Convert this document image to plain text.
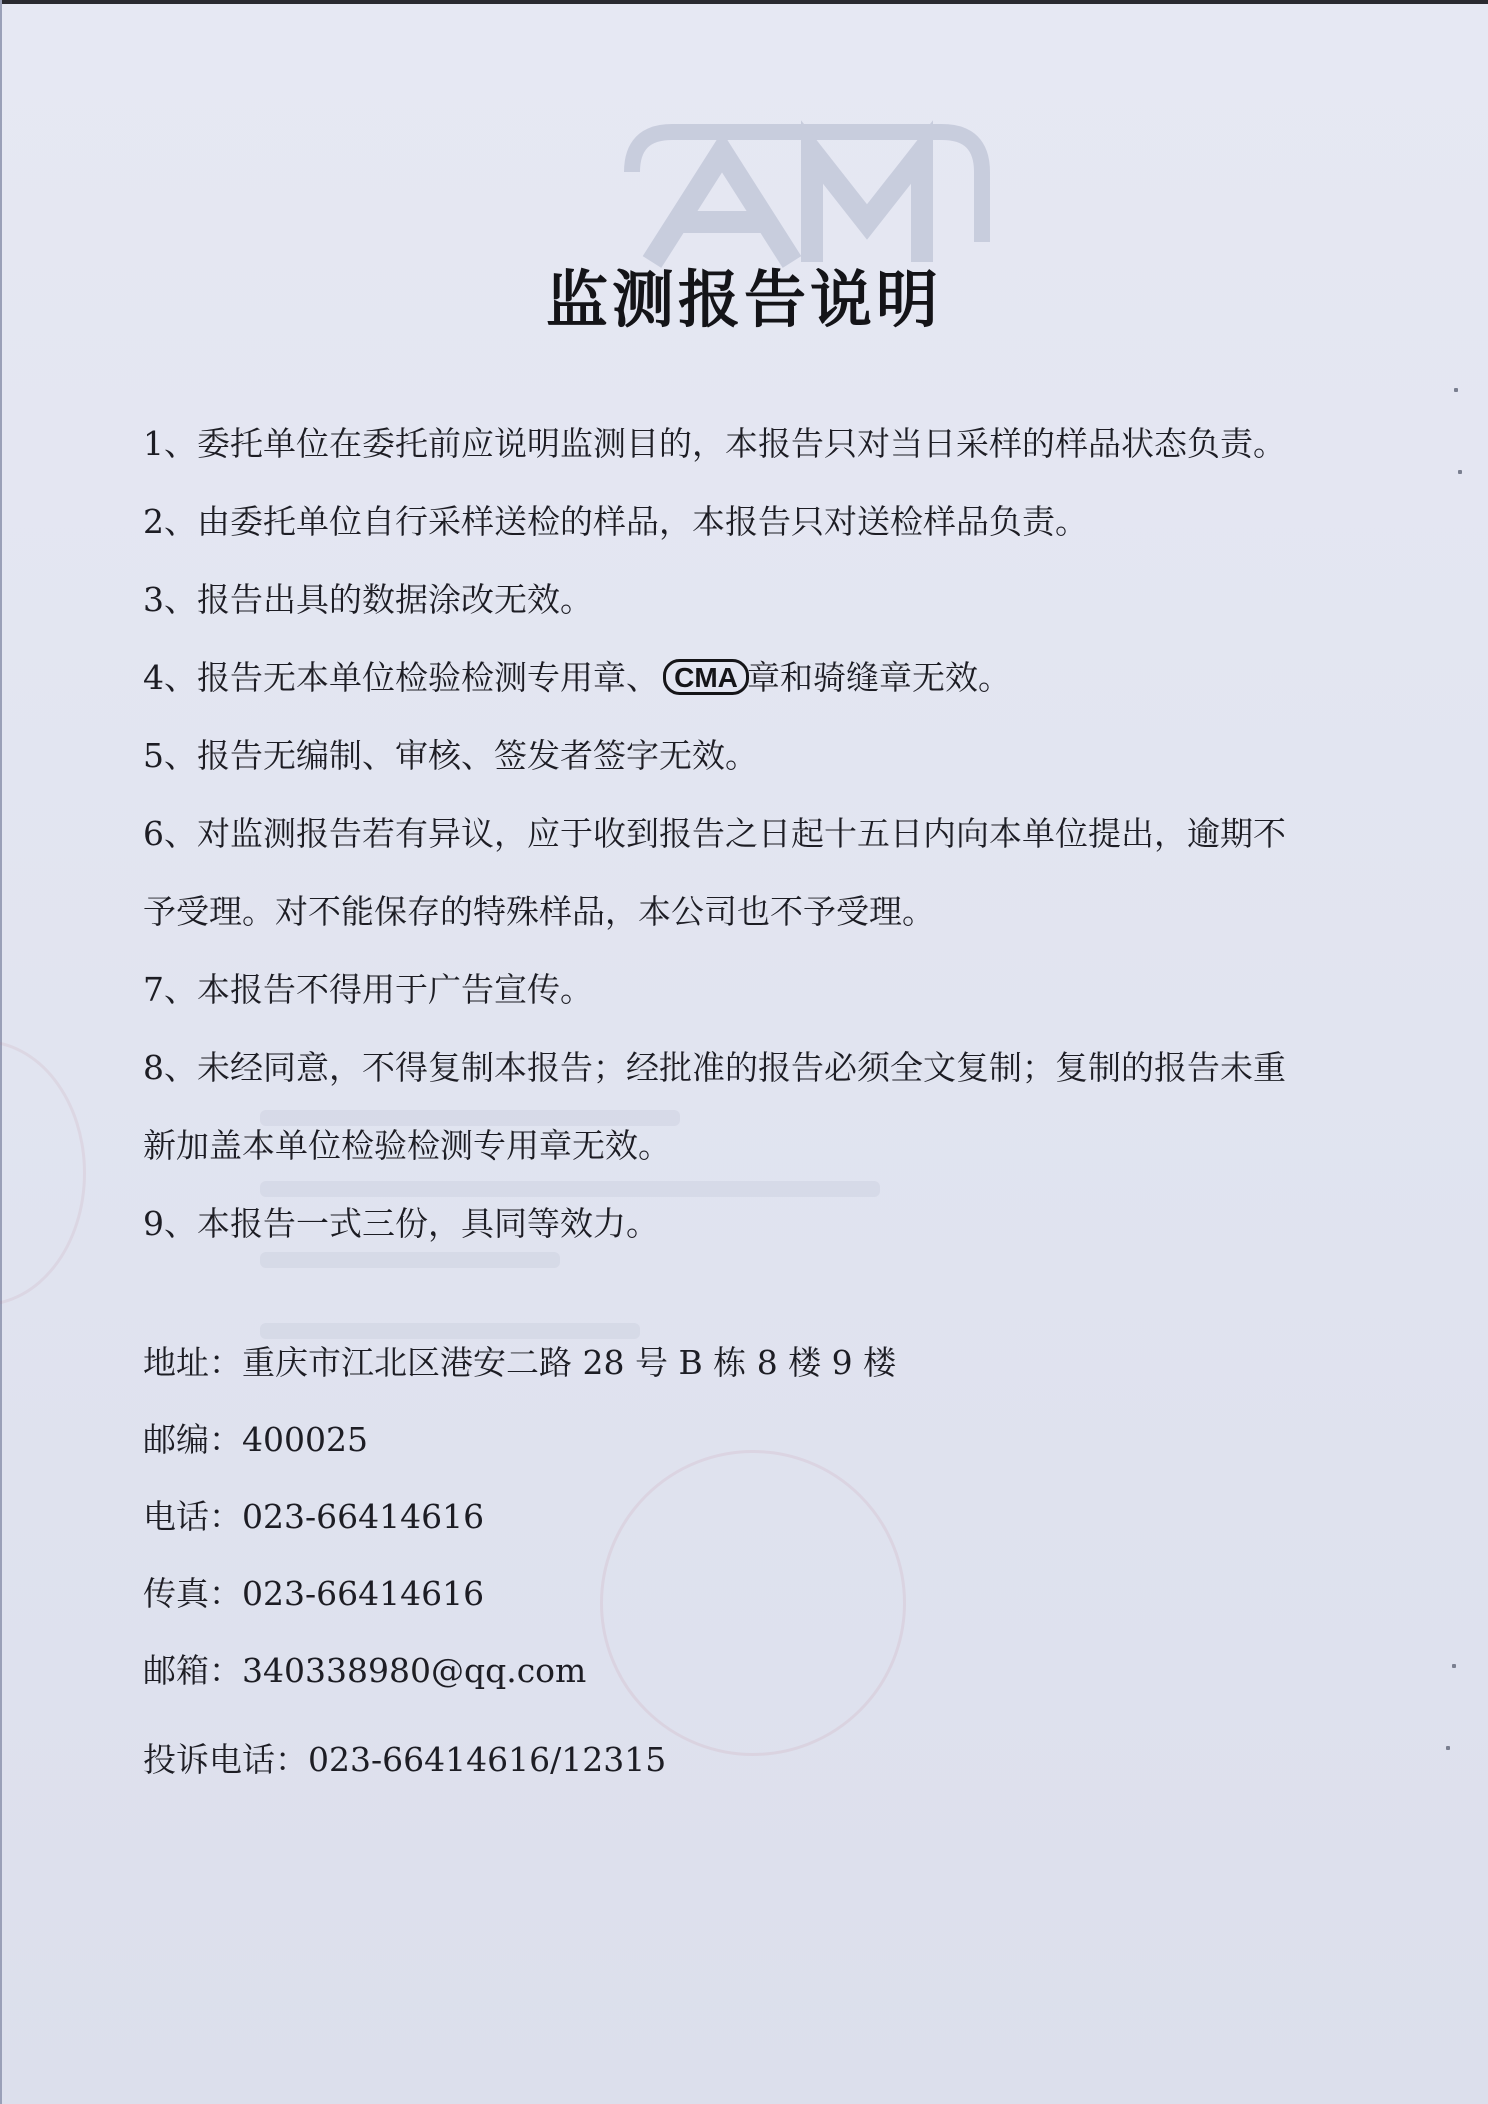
监测报告说明
1、委托单位在委托前应说明监测目的，本报告只对当日采样的样品状态负责。
2、由委托单位自行采样送检的样品，本报告只对送检样品负责。
3、报告出具的数据涂改无效。
4、报告无本单位检验检测专用章、 CMA 章和骑缝章无效。
5、报告无编制、审核、签发者签字无效。
6、对监测报告若有异议，应于收到报告之日起十五日内向本单位提出，逾期不
予受理。对不能保存的特殊样品，本公司也不予受理。
7、本报告不得用于广告宣传。
8、未经同意，不得复制本报告；经批准的报告必须全文复制；复制的报告未重
新加盖本单位检验检测专用章无效。
9、本报告一式三份，具同等效力。
地址：重庆市江北区港安二路 28 号 B 栋 8 楼 9 楼
邮编：400025
电话：023-66414616
传真：023-66414616
邮箱：340338980@qq.com
投诉电话：023-66414616/12315
